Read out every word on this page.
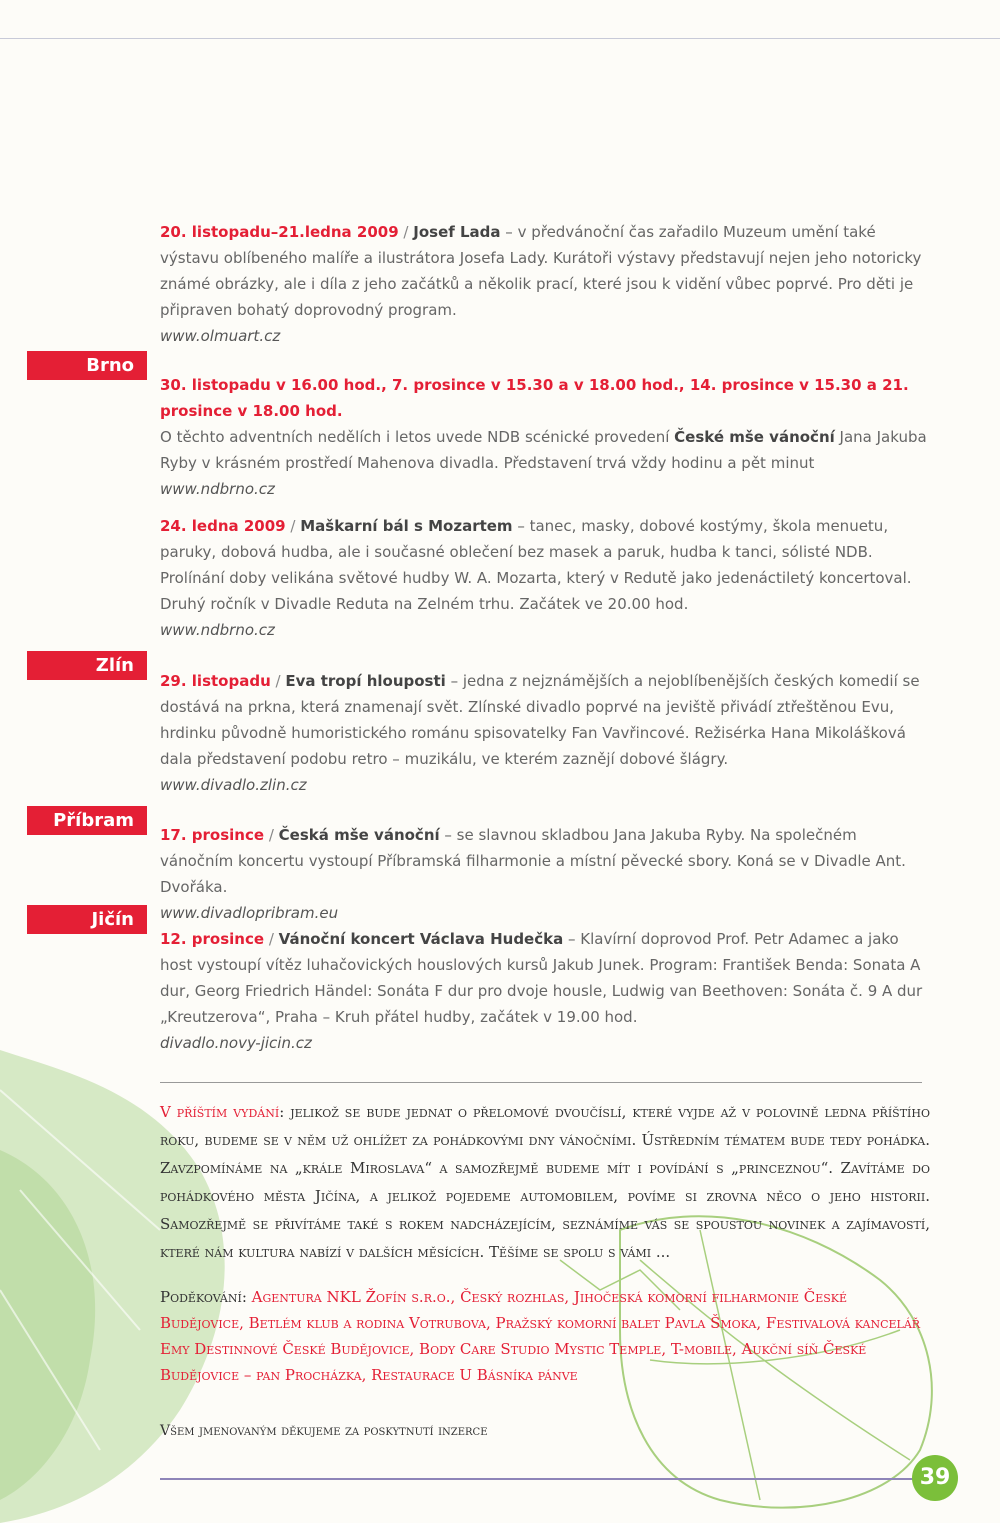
Brno
Zlín
Příbram
Jičín
20. listopadu–21.ledna 2009 / Josef Lada – v předvánoční čas zařadilo Muzeum umění také výstavu oblíbeného malíře a ilustrátora Josefa Lady. Kurátoři výstavy představují nejen jeho notoricky známé obrázky, ale i díla z jeho začátků a několik prací, které jsou k vidění vůbec poprvé. Pro děti je připraven bohatý doprovodný program.
www.olmuart.cz
30. listopadu v 16.00 hod., 7. prosince v 15.30 a v 18.00 hod., 14. prosince v 15.30 a 21. prosince v 18.00 hod.
O těchto adventních nedělích i letos uvede NDB scénické provedení České mše vánoční Jana Jakuba Ryby v krásném prostředí Mahenova divadla. Představení trvá vždy hodinu a pět minut
www.ndbrno.cz
24. ledna 2009 / Maškarní bál s Mozartem – tanec, masky, dobové kostýmy, škola menuetu, paruky, dobová hudba, ale i současné oblečení bez masek a paruk, hudba k tanci, sólisté NDB. Prolínání doby velikána světové hudby W. A. Mozarta, který v Redutě jako jedenáctiletý koncertoval. Druhý ročník v Divadle Reduta na Zelném trhu. Začátek ve 20.00 hod.
www.ndbrno.cz
29. listopadu / Eva tropí hlouposti – jedna z nejznámějších a nejoblíbenějších českých komedií se dostává na prkna, která znamenají svět. Zlínské divadlo poprvé na jeviště přivádí ztřeštěnou Evu, hrdinku původně humoristického románu spisovatelky Fan Vavřincové. Režisérka Hana Mikolášková dala představení podobu retro – muzikálu, ve kterém zaznějí dobové šlágry.
www.divadlo.zlin.cz
17. prosince / Česká mše vánoční – se slavnou skladbou Jana Jakuba Ryby. Na společném vánočním koncertu vystoupí Příbramská filharmonie a místní pěvecké sbory. Koná se v Divadle Ant. Dvořáka.
www.divadlopribram.eu
12. prosince / Vánoční koncert Václava Hudečka – Klavírní doprovod Prof. Petr Adamec a jako host vystoupí vítěz luhačovických houslových kursů Jakub Junek. Program: František Benda: Sonata A dur, Georg Friedrich Händel: Sonáta F dur pro dvoje housle, Ludwig van Beethoven: Sonáta č. 9 A dur „Kreutzerova“, Praha – Kruh přátel hudby, začátek v 19.00 hod.
divadlo.novy-jicin.cz
V příštím vydání: jelikož se bude jednat o přelomové dvoučíslí, které vyjde až v polovině ledna příštího roku, budeme se v něm už ohlížet za pohádkovými dny vánočními. Ústředním tématem bude tedy pohádka. Zavzpomínáme na „krále Miroslava“ a samozřejmě budeme mít i povídání s „princeznou“. Zavítáme do pohádkového města Jičína, a jelikož pojedeme automobilem, povíme si zrovna něco o jeho historii. Samozřejmě se přivítáme také s rokem nadcházejícím, seznámíme vás se spoustou novinek a zajímavostí, které nám kultura nabízí v dalších měsících. Těšíme se spolu s vámi ...
Poděkování: Agentura NKL Žofín s.r.o., Český rozhlas, Jihočeská komorní filharmonie České Budějovice, Betlém klub a rodina Votrubova, Pražský komorní balet Pavla Šmoka, Festivalová kancelář Emy Destinnové České Budějovice, Body Care Studio Mystic Temple, T-mobile, Aukční síň České Budějovice – pan Procházka, Restaurace U Básníka pánve
Všem jmenovaným děkujeme za poskytnutí inzerce
39
